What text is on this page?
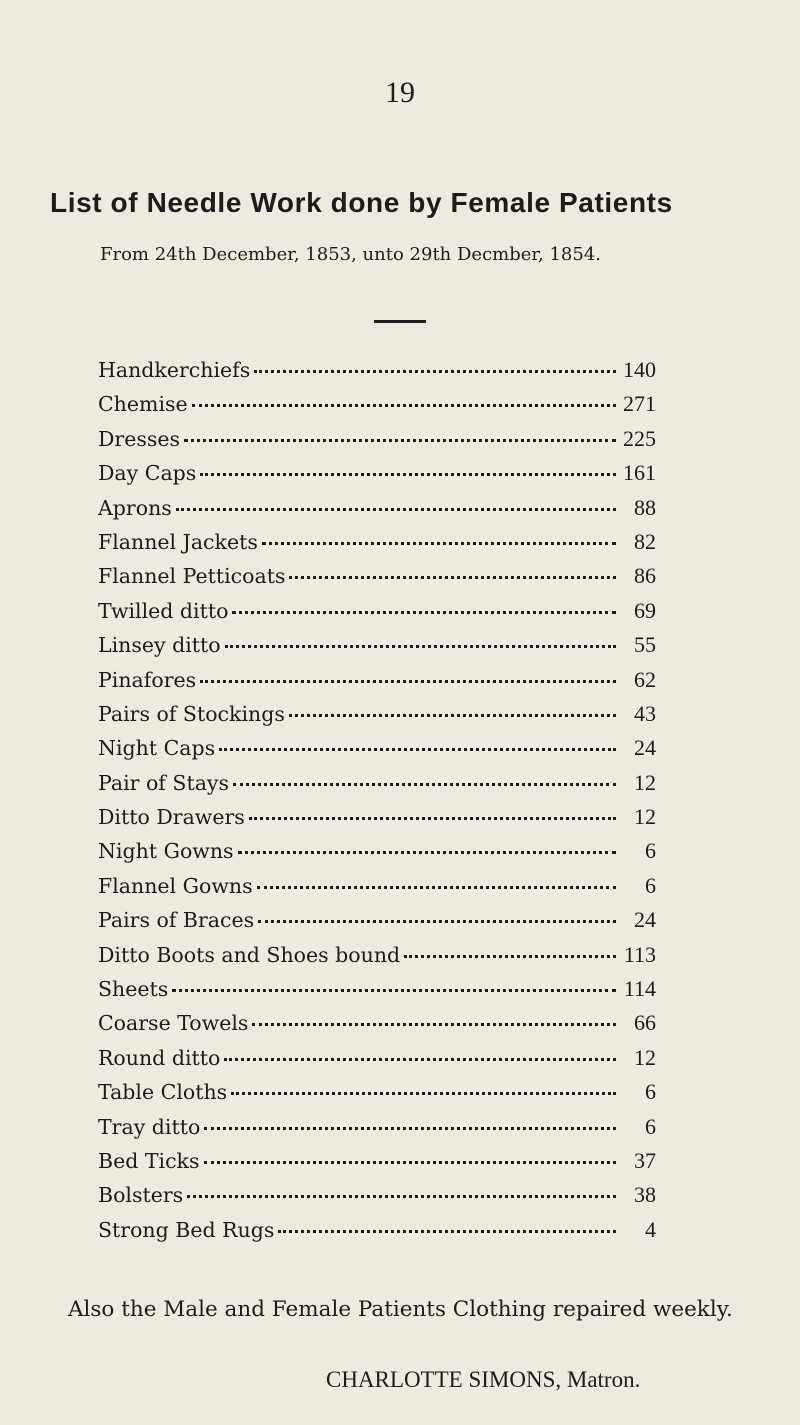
19
List of Needle Work done by Female Patients
From 24th December, 1853, unto 29th Decmber, 1854.
Handkerchiefs	140
Chemise	271
Dresses	225
Day Caps	161
Aprons	88
Flannel Jackets	82
Flannel Petticoats	86
Twilled ditto	69
Linsey ditto	55
Pinafores	62
Pairs of Stockings	43
Night Caps	24
Pair of Stays	12
Ditto Drawers	12
Night Gowns	6
Flannel Gowns	6
Pairs of Braces	24
Ditto Boots and Shoes bound	113
Sheets	114
Coarse Towels	66
Round ditto	12
Table Cloths	6
Tray ditto	6
Bed Ticks	37
Bolsters	38
Strong Bed Rugs	4
Also the Male and Female Patients Clothing repaired weekly.
CHARLOTTE SIMONS, Matron.
